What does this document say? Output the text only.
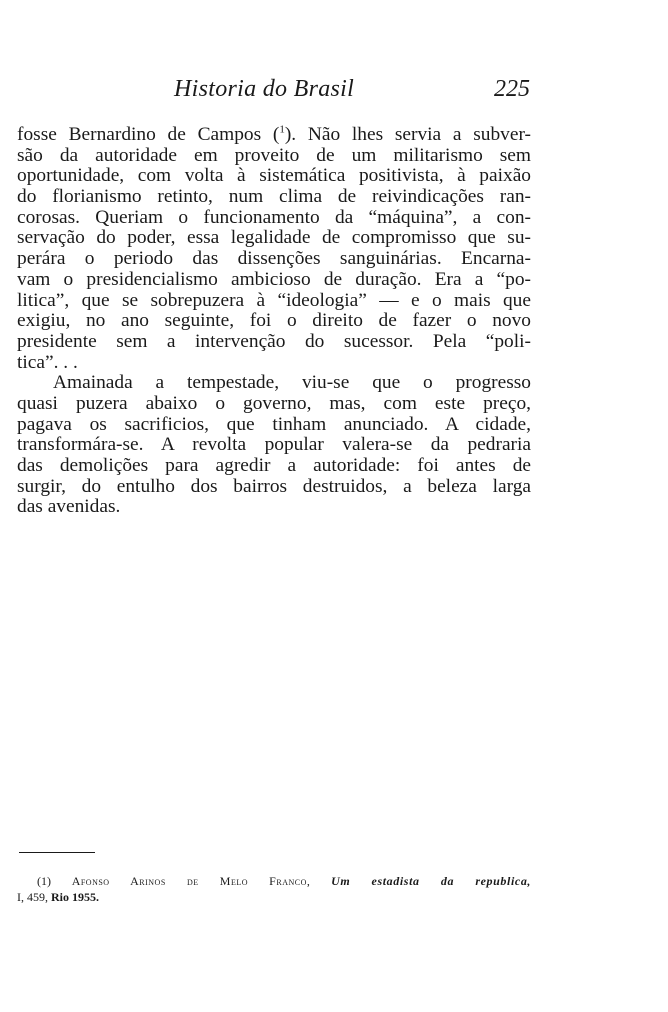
Historia do Brasil	225
fosse Bernardino de Campos ($^1$). Não lhes servia a subver-
são da autoridade em proveito de um militarismo sem
oportunidade, com volta à sistemática positivista, à paixão
do florianismo retinto, num clima de reivindicações ran-
corosas. Queriam o funcionamento da “máquina”, a con-
servação do poder, essa legalidade de compromisso que su-
perára o periodo das dissenções sanguinárias. Encarna-
vam o presidencialismo ambicioso de duração. Era a “po-
litica”, que se sobrepuzera à “ideologia” — e o mais que
exigiu, no ano seguinte, foi o direito de fazer o novo
presidente sem a intervenção do sucessor. Pela “poli-
tica”. . .
Amainada a tempestade, viu-se que o progresso
quasi puzera abaixo o governo, mas, com este preço,
pagava os sacrificios, que tinham anunciado. A cidade,
transformára-se. A revolta popular valera-se da pedraria
das demolições para agredir a autoridade: foi antes de
surgir, do entulho dos bairros destruidos, a beleza larga
das avenidas.
(1) Afonso Arinos de Melo Franco, Um estadista da republica,
I, 459, Rio 1955.
